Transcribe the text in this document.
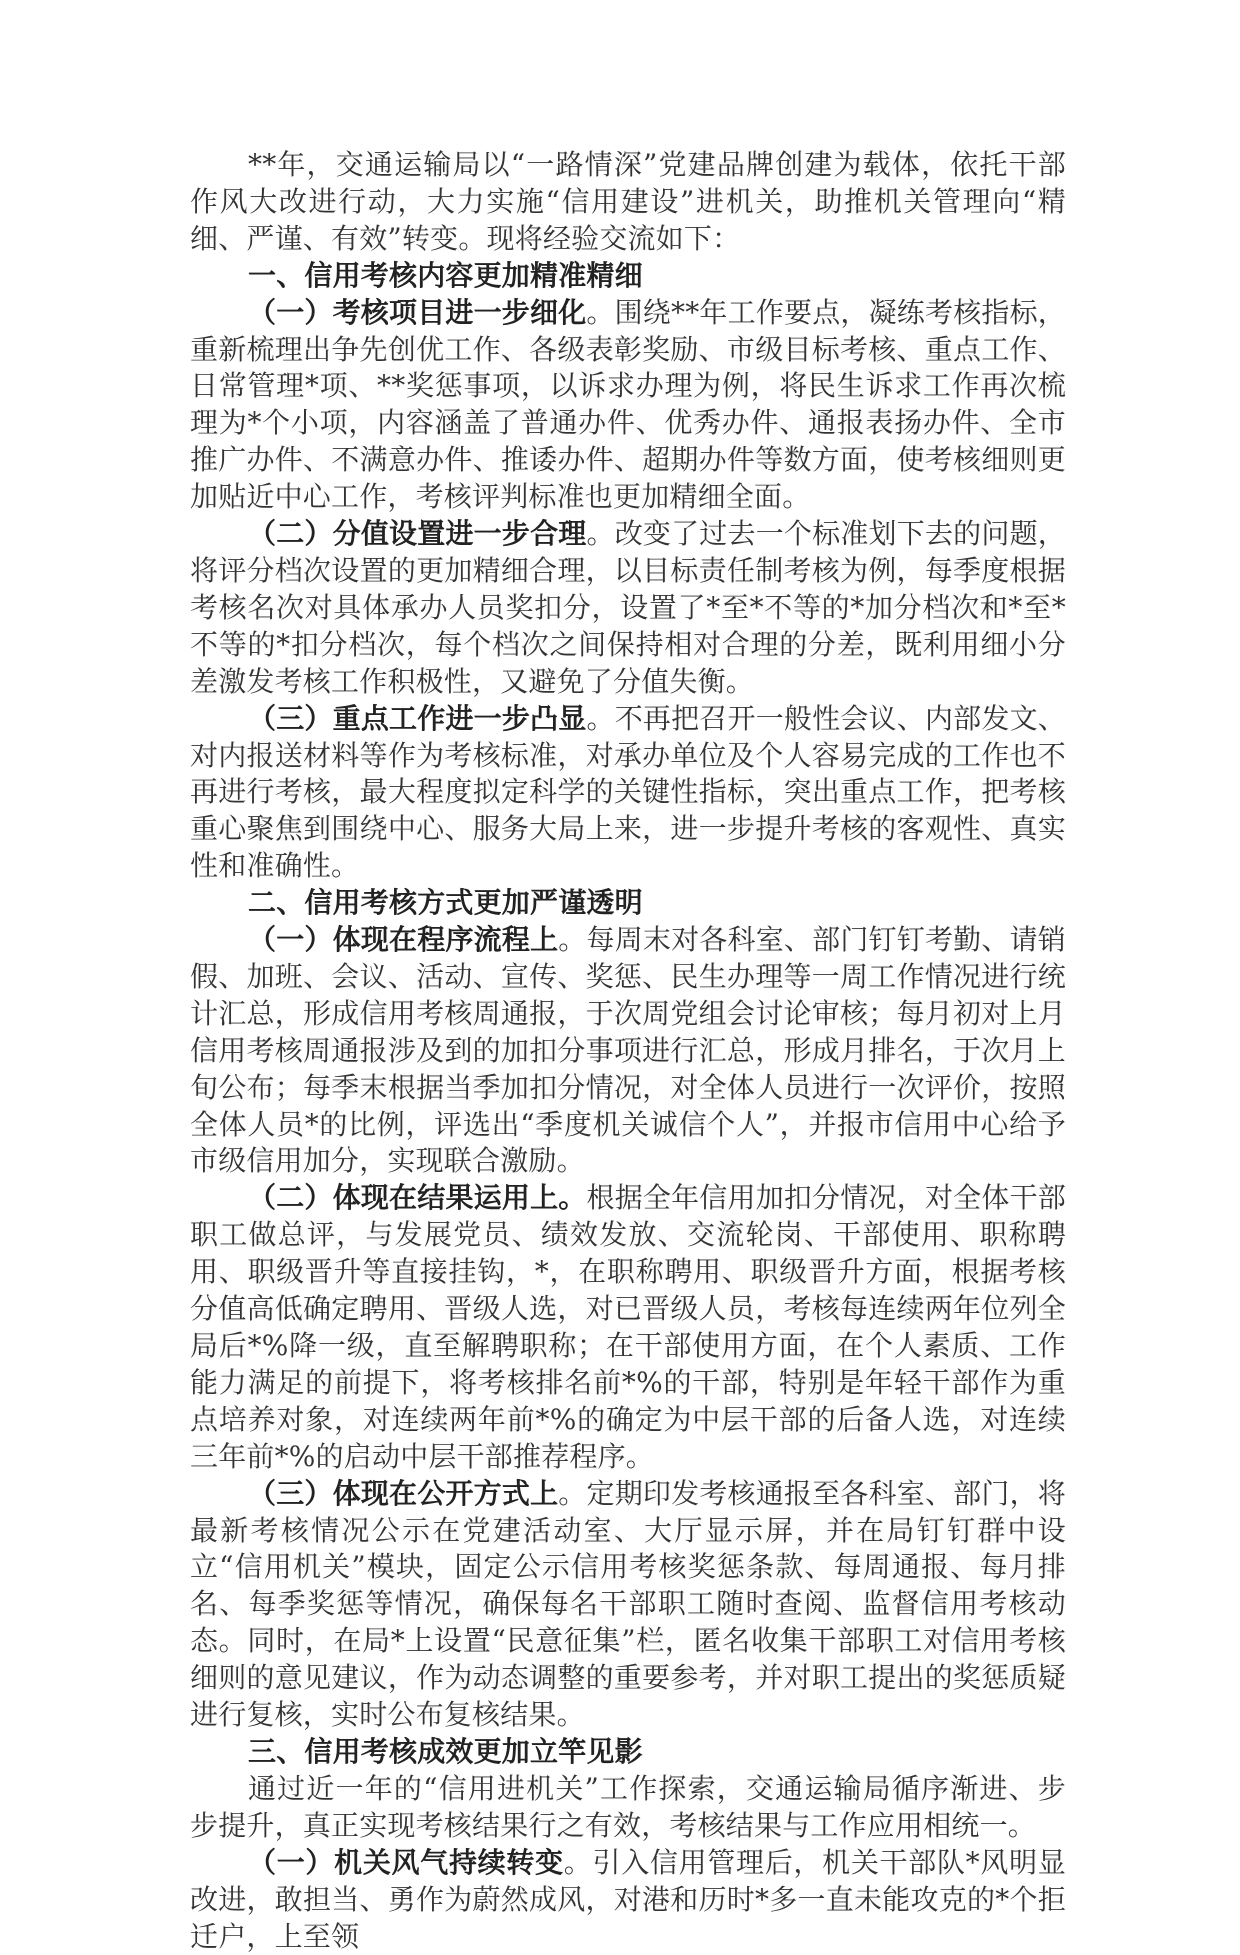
**年，交通运输局以“一路情深”党建品牌创建为载体，依托干部作风大改进行动，大力实施“信用建设”进机关，助推机关管理向“精细、严谨、有效”转变。现将经验交流如下：

一、信用考核内容更加精准精细

（一）考核项目进一步细化。围绕**年工作要点，凝练考核指标，重新梳理出争先创优工作、各级表彰奖励、市级目标考核、重点工作、日常管理*项、**奖惩事项，以诉求办理为例，将民生诉求工作再次梳理为*个小项，内容涵盖了普通办件、优秀办件、通报表扬办件、全市推广办件、不满意办件、推诿办件、超期办件等数方面，使考核细则更加贴近中心工作，考核评判标准也更加精细全面。

（二）分值设置进一步合理。改变了过去一个标准划下去的问题，将评分档次设置的更加精细合理，以目标责任制考核为例，每季度根据考核名次对具体承办人员奖扣分，设置了*至*不等的*加分档次和*至*不等的*扣分档次，每个档次之间保持相对合理的分差，既利用细小分差激发考核工作积极性，又避免了分值失衡。

（三）重点工作进一步凸显。不再把召开一般性会议、内部发文、对内报送材料等作为考核标准，对承办单位及个人容易完成的工作也不再进行考核，最大程度拟定科学的关键性指标，突出重点工作，把考核重心聚焦到围绕中心、服务大局上来，进一步提升考核的客观性、真实性和准确性。

二、信用考核方式更加严谨透明

（一）体现在程序流程上。每周末对各科室、部门钉钉考勤、请销假、加班、会议、活动、宣传、奖惩、民生办理等一周工作情况进行统计汇总，形成信用考核周通报，于次周党组会讨论审核；每月初对上月信用考核周通报涉及到的加扣分事项进行汇总，形成月排名，于次月上旬公布；每季末根据当季加扣分情况，对全体人员进行一次评价，按照全体人员*的比例，评选出“季度机关诚信个人”，并报市信用中心给予市级信用加分，实现联合激励。

（二）体现在结果运用上。根据全年信用加扣分情况，对全体干部职工做总评，与发展党员、绩效发放、交流轮岗、干部使用、职称聘用、职级晋升等直接挂钩，*，在职称聘用、职级晋升方面，根据考核分值高低确定聘用、晋级人选，对已晋级人员，考核每连续两年位列全局后*%降一级，直至解聘职称；在干部使用方面，在个人素质、工作能力满足的前提下，将考核排名前*%的干部，特别是年轻干部作为重点培养对象，对连续两年前*%的确定为中层干部的后备人选，对连续三年前*%的启动中层干部推荐程序。

（三）体现在公开方式上。定期印发考核通报至各科室、部门，将最新考核情况公示在党建活动室、大厅显示屏，并在局钉钉群中设立“信用机关”模块，固定公示信用考核奖惩条款、每周通报、每月排名、每季奖惩等情况，确保每名干部职工随时查阅、监督信用考核动态。同时，在局*上设置“民意征集”栏，匿名收集干部职工对信用考核细则的意见建议，作为动态调整的重要参考，并对职工提出的奖惩质疑进行复核，实时公布复核结果。

三、信用考核成效更加立竿见影

通过近一年的“信用进机关”工作探索，交通运输局循序渐进、步步提升，真正实现考核结果行之有效，考核结果与工作应用相统一。

（一）机关风气持续转变。引入信用管理后，机关干部队*风明显改进，敢担当、勇作为蔚然成风，对港和历时*多一直未能攻克的*个拒迁户，上至领
